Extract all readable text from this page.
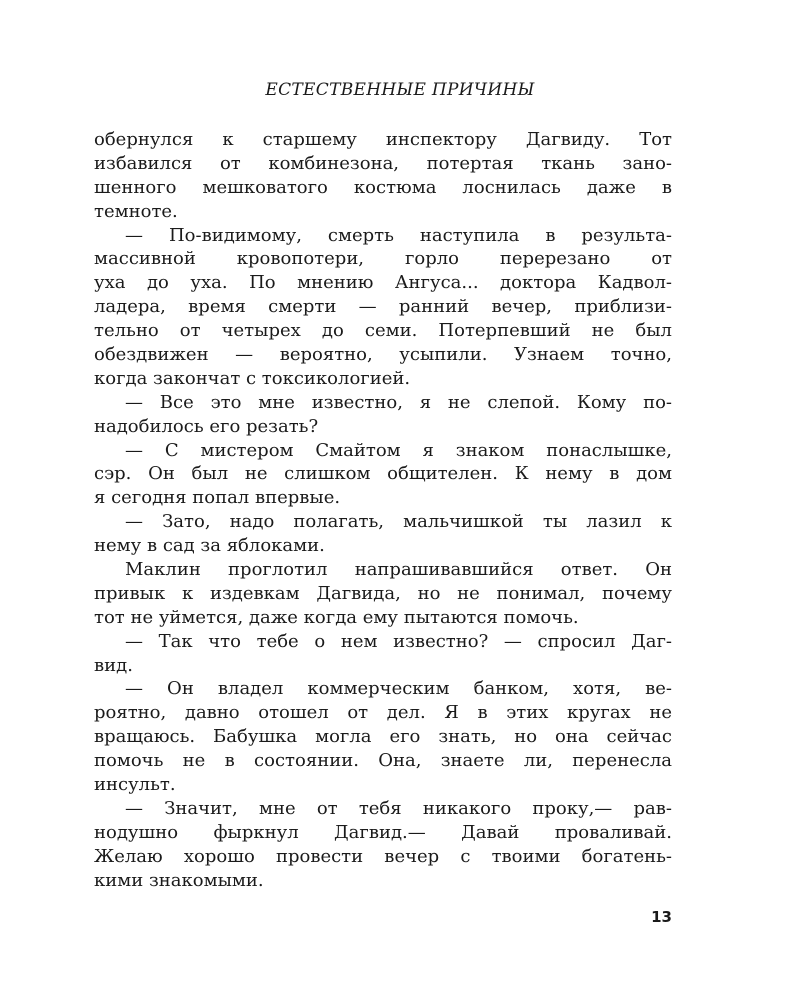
ЕСТЕСТВЕННЫЕ ПРИЧИНЫ
обернулся к старшему инспектору Дагвиду. Тот
избавился от комбинезона, потертая ткань зано-
шенного мешковатого костюма лоснилась даже в
темноте.
— По-видимому, смерть наступила в результа-
массивной кровопотери, горло перерезано от
уха до уха. По мнению Ангуса... доктора Кадвол-
ладера, время смерти — ранний вечер, приблизи-
тельно от четырех до семи. Потерпевший не был
обездвижен — вероятно, усыпили. Узнаем точно,
когда закончат с токсикологией.
— Все это мне известно, я не слепой. Кому по-
надобилось его резать?
— С мистером Смайтом я знаком понаслышке,
сэр. Он был не слишком общителен. К нему в дом
я сегодня попал впервые.
— Зато, надо полагать, мальчишкой ты лазил к
нему в сад за яблоками.
Маклин проглотил напрашивавшийся ответ. Он
привык к издевкам Дагвида, но не понимал, почему
тот не уймется, даже когда ему пытаются помочь.
— Так что тебе о нем известно? — спросил Даг-
вид.
— Он владел коммерческим банком, хотя, ве-
роятно, давно отошел от дел. Я в этих кругах не
вращаюсь. Бабушка могла его знать, но она сейчас
помочь не в состоянии. Она, знаете ли, перенесла
инсульт.
— Значит, мне от тебя никакого проку,— рав-
нодушно фыркнул Дагвид.— Давай проваливай.
Желаю хорошо провести вечер с твоими богатень-
кими знакомыми.
13
